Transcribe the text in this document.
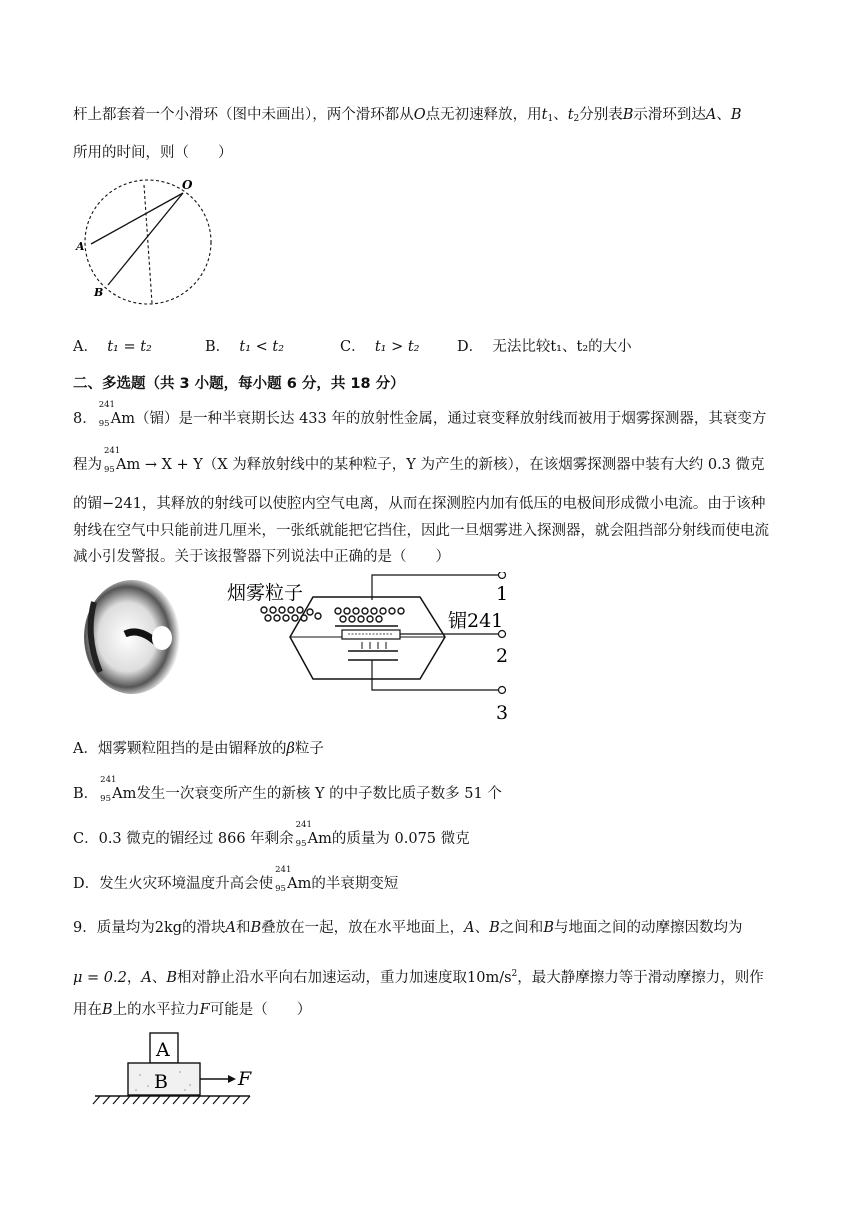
杆上都套着一个小滑环（图中未画出），两个滑环都从O点无初速释放，用$t_1$、$t_2$分别表B示滑环到达A、B
所用的时间，则（　　）
O
A
B
A． t₁ = t₂	B． t₁ < t₂	C． t₁ > t₂	D． 无法比较t₁、t₂的大小
二、多选题（共 3 小题，每小题 6 分，共 18 分）
8．
241
95 Am（镅）是一种半衰期长达 433 年的放射性金属，通过衰变释放射线而被用于烟雾探测器，其衰变方
程为
241
95 Am → X + Y（X 为释放射线中的某种粒子，Y 为产生的新核），在该烟雾探测器中装有大约 0.3 微克
的镅−241，其释放的射线可以使腔内空气电离，从而在探测腔内加有低压的电极间形成微小电流。由于该种
射线在空气中只能前进几厘米，一张纸就能把它挡住，因此一旦烟雾进入探测器，就会阻挡部分射线而使电流
减小引发警报。关于该报警器下列说法中正确的是（　　）
烟雾粒子
镅241
1
2
3
A．烟雾颗粒阻挡的是由镅释放的β粒子
B．
241
95 Am发生一次衰变所产生的新核 Y 的中子数比质子数多 51 个
C．0.3 微克的镅经过 866 年剩余
241
95 Am的质量为 0.075 微克
D．发生火灾环境温度升高会使
241
95 Am的半衰期变短
9．质量均为2kg的滑块A和B叠放在一起，放在水平地面上，A、B之间和B与地面之间的动摩擦因数均为
μ = 0.2，A、B相对静止沿水平向右加速运动，重力加速度取$10m/s^2$，最大静摩擦力等于滑动摩擦力，则作
用在B上的水平拉力F可能是（　　）
A
B	F
